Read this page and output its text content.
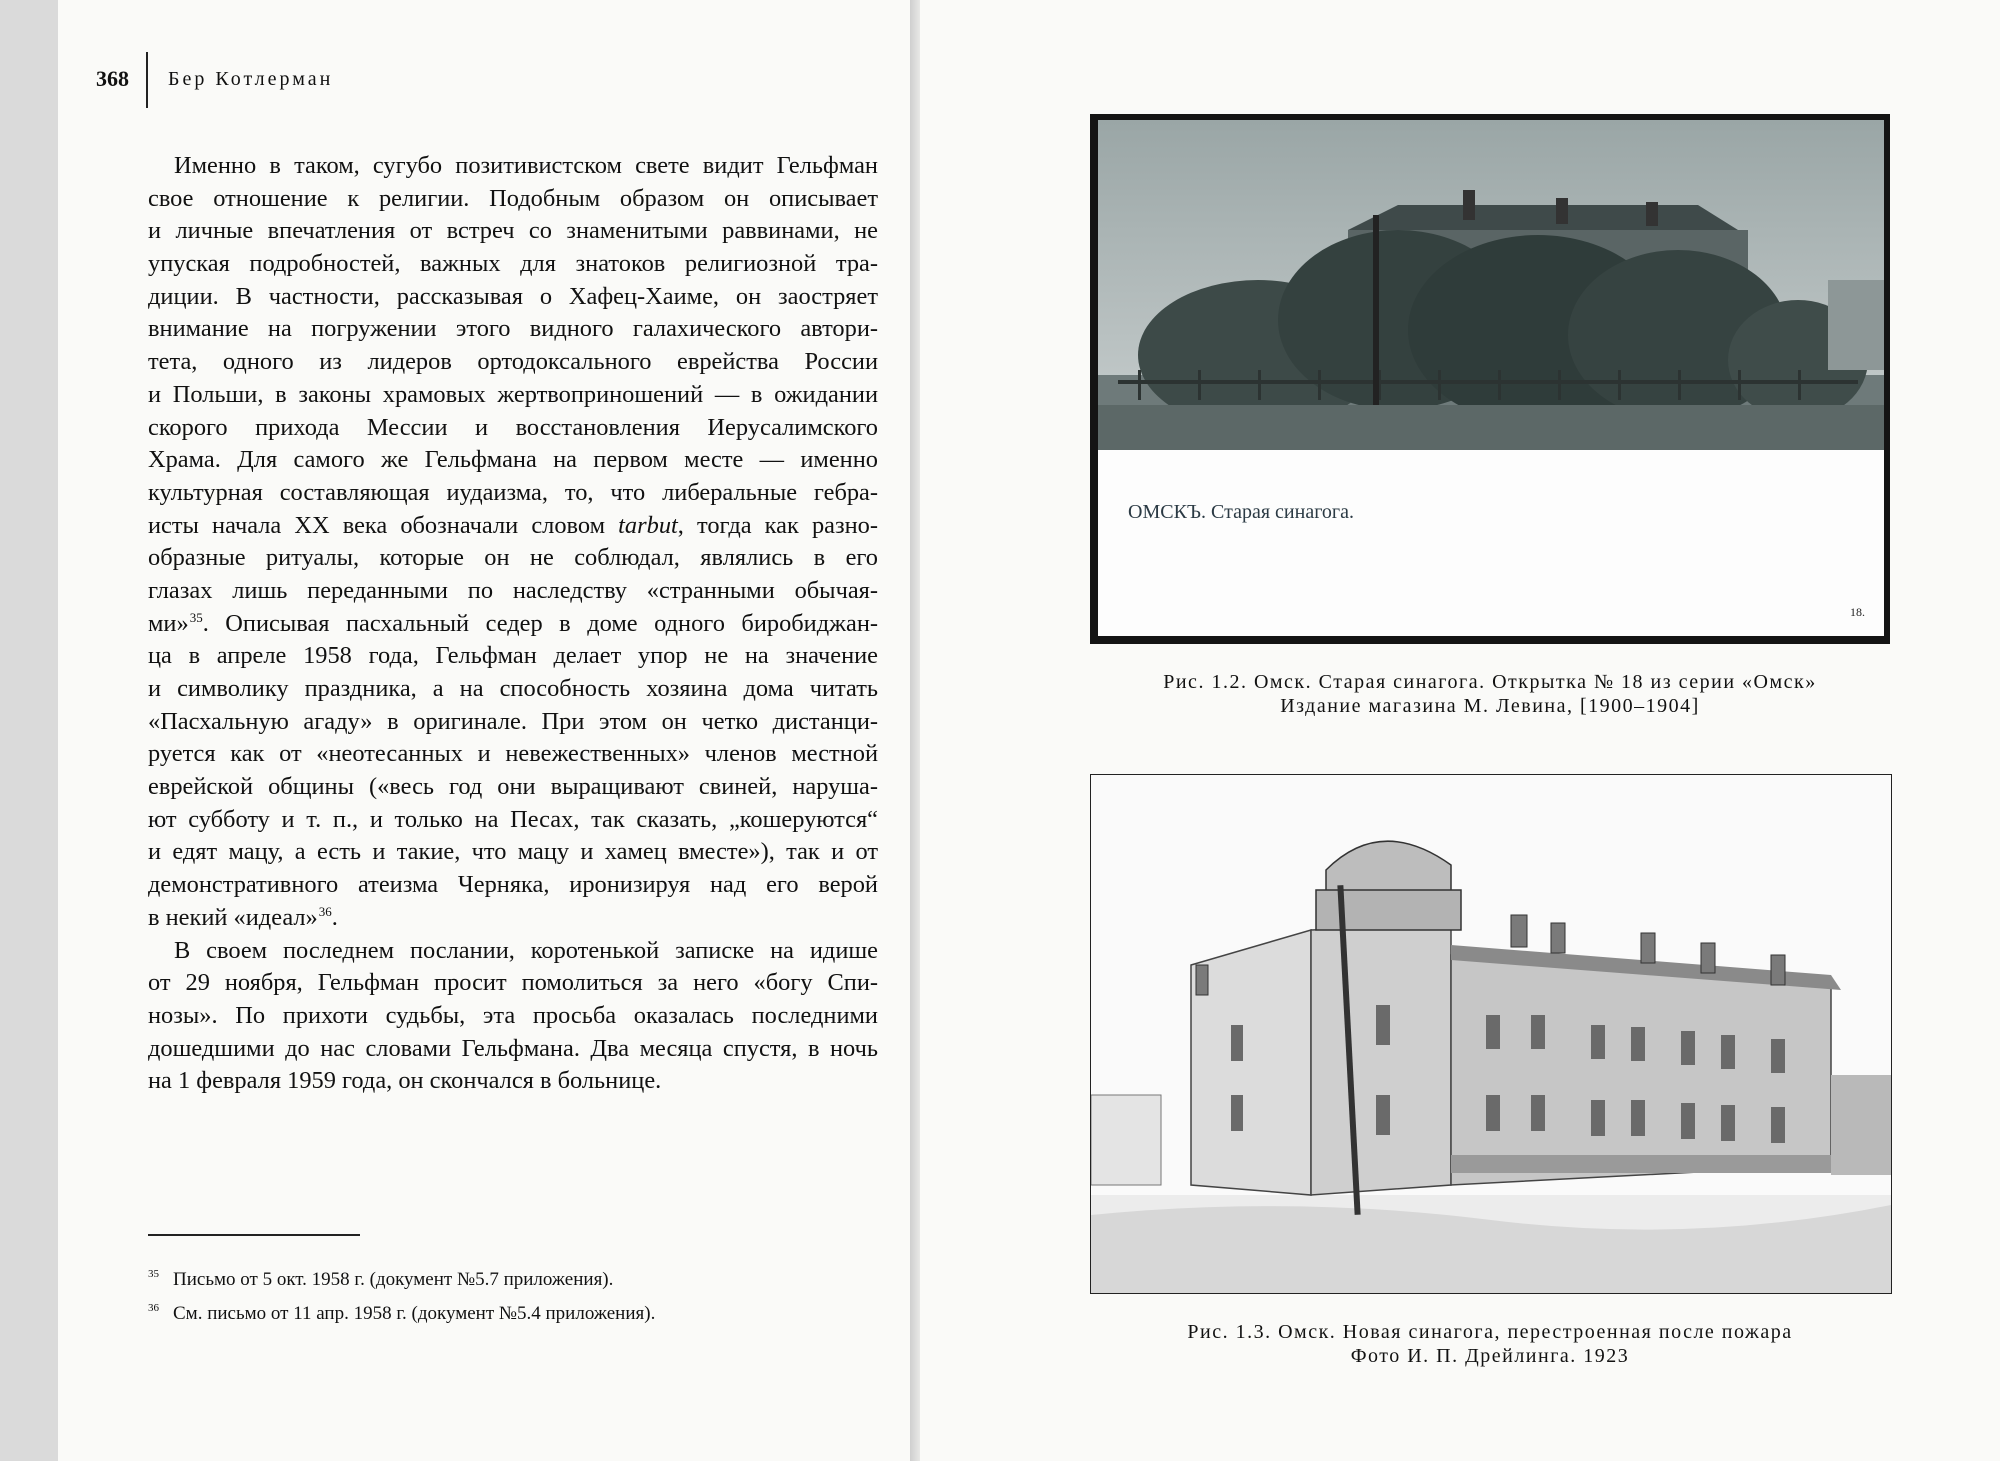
368 Бер Котлерман
Именно в таком, сугубо позитивистском свете видит Гельфман
свое отношение к религии. Подобным образом он описывает
и личные впечатления от встреч со знаменитыми раввинами, не
упуская подробностей, важных для знатоков религиозной тра-
диции. В частности, рассказывая о Хафец-Хаиме, он заостряет
внимание на погружении этого видного галахического автори-
тета, одного из лидеров ортодоксального еврейства России
и Польши, в законы храмовых жертвоприношений — в ожидании
скорого прихода Мессии и восстановления Иерусалимского
Храма. Для самого же Гельфмана на первом месте — именно
культурная составляющая иудаизма, то, что либеральные гебра-
исты начала XX века обозначали словом tarbut, тогда как разно-
образные ритуалы, которые он не соблюдал, являлись в его
глазах лишь переданными по наследству «странными обычая-
ми»$^{35}$. Описывая пасхальный седер в доме одного биробиджан-
ца в апреле 1958 года, Гельфман делает упор не на значение
и символику праздника, а на способность хозяина дома читать
«Пасхальную агаду» в оригинале. При этом он четко дистанци-
руется как от «неотесанных и невежественных» членов местной
еврейской общины («весь год они выращивают свиней, наруша-
ют субботу и т. п., и только на Песах, так сказать, „кошеруются“
и едят мацу, а есть и такие, что мацу и хамец вместе»), так и от
демонстративного атеизма Черняка, иронизируя над его верой
в некий «идеал»$^{36}$.
В своем последнем послании, коротенькой записке на идише
от 29 ноября, Гельфман просит помолиться за него «богу Спи-
нозы». По прихоти судьбы, эта просьба оказалась последними
дошедшими до нас словами Гельфмана. Два месяца спустя, в ночь
на 1 февраля 1959 года, он скончался в больнице.
$^{35}$ Письмо от 5 окт. 1958 г. (документ №5.7 приложения).
$^{36}$ См. письмо от 11 апр. 1958 г. (документ №5.4 приложения).
ОМСКЪ. Старая синагога.
18.
Рис. 1.2. Омск. Старая синагога. Открытка № 18 из серии «Омск»
Издание магазина М. Левина, [1900–1904]
Рис. 1.3. Омск. Новая синагога, перестроенная после пожара
Фото И. П. Дрейлинга. 1923
